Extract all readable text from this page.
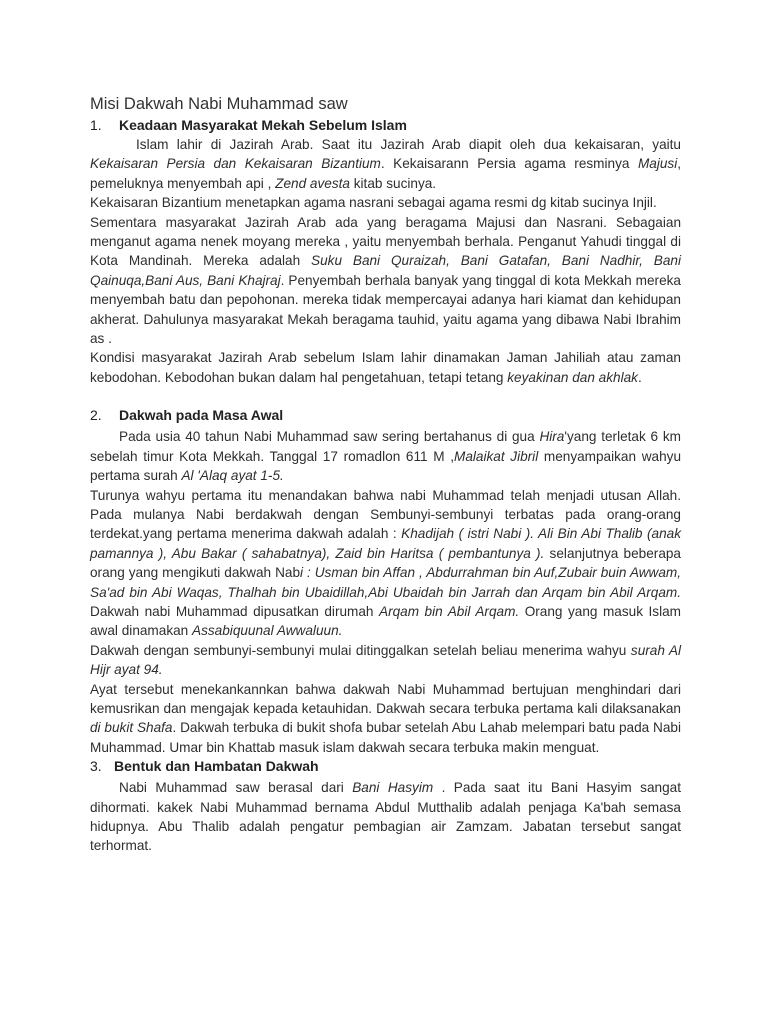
Misi Dakwah Nabi Muhammad saw
1.	Keadaan Masyarakat Mekah Sebelum Islam

Islam lahir di Jazirah Arab. Saat itu Jazirah Arab diapit oleh dua kekaisaran, yaitu Kekaisaran Persia dan Kekaisaran Bizantium. Kekaisarann Persia agama resminya Majusi, pemeluknya menyembah api , Zend avesta kitab sucinya.

Kekaisaran Bizantium menetapkan agama nasrani sebagai agama resmi dg kitab sucinya Injil.

Sementara masyarakat Jazirah Arab ada yang beragama Majusi dan Nasrani. Sebagaian menganut agama nenek moyang mereka , yaitu menyembah berhala. Penganut Yahudi tinggal di Kota Mandinah. Mereka adalah Suku Bani Quraizah, Bani Gatafan, Bani Nadhir, Bani Qainuqa,Bani Aus, Bani Khajraj. Penyembah berhala banyak yang tinggal di kota Mekkah mereka menyembah batu dan pepohonan. mereka tidak mempercayai adanya hari kiamat dan kehidupan akherat. Dahulunya masyarakat Mekah beragama tauhid, yaitu agama yang dibawa Nabi Ibrahim as .

Kondisi masyarakat Jazirah Arab sebelum Islam lahir dinamakan Jaman Jahiliah atau zaman kebodohan. Kebodohan bukan dalam hal pengetahuan, tetapi tetang keyakinan dan akhlak.

2.	Dakwah pada Masa Awal

Pada usia 40 tahun Nabi Muhammad saw sering bertahanus di gua Hira'yang terletak 6 km sebelah timur Kota Mekkah. Tanggal 17 romadlon 611 M ,Malaikat Jibril menyampaikan wahyu pertama surah Al 'Alaq ayat 1-5.

Turunya wahyu pertama itu menandakan bahwa nabi Muhammad telah menjadi utusan Allah. Pada mulanya Nabi berdakwah dengan Sembunyi-sembunyi terbatas pada orang-orang terdekat.yang pertama menerima dakwah adalah : Khadijah ( istri Nabi ). Ali Bin Abi Thalib (anak pamannya ), Abu Bakar ( sahabatnya), Zaid bin Haritsa ( pembantunya ). selanjutnya beberapa orang yang mengikuti dakwah Nabi : Usman bin Affan , Abdurrahman bin Auf,Zubair buin Awwam, Sa'ad bin Abi Waqas, Thalhah bin Ubaidillah,Abi Ubaidah bin Jarrah dan Arqam bin Abil Arqam. Dakwah nabi Muhammad dipusatkan dirumah Arqam bin Abil Arqam. Orang yang masuk Islam awal dinamakan Assabiquunal Awwaluun.

Dakwah dengan sembunyi-sembunyi mulai ditinggalkan setelah beliau menerima wahyu surah Al Hijr ayat 94.

Ayat tersebut menekankannkan bahwa dakwah Nabi Muhammad bertujuan menghindari dari kemusrikan dan mengajak kepada ketauhidan. Dakwah secara terbuka pertama kali dilaksanakan di bukit Shafa. Dakwah terbuka di bukit shofa bubar setelah Abu Lahab melempari batu pada Nabi Muhammad. Umar bin Khattab masuk islam dakwah secara terbuka makin menguat.

3. Bentuk dan Hambatan Dakwah

Nabi Muhammad saw berasal dari Bani Hasyim . Pada saat itu Bani Hasyim sangat dihormati. kakek Nabi Muhammad bernama Abdul Mutthalib adalah penjaga Ka'bah semasa hidupnya. Abu Thalib adalah pengatur pembagian air Zamzam. Jabatan tersebut sangat terhormat.
